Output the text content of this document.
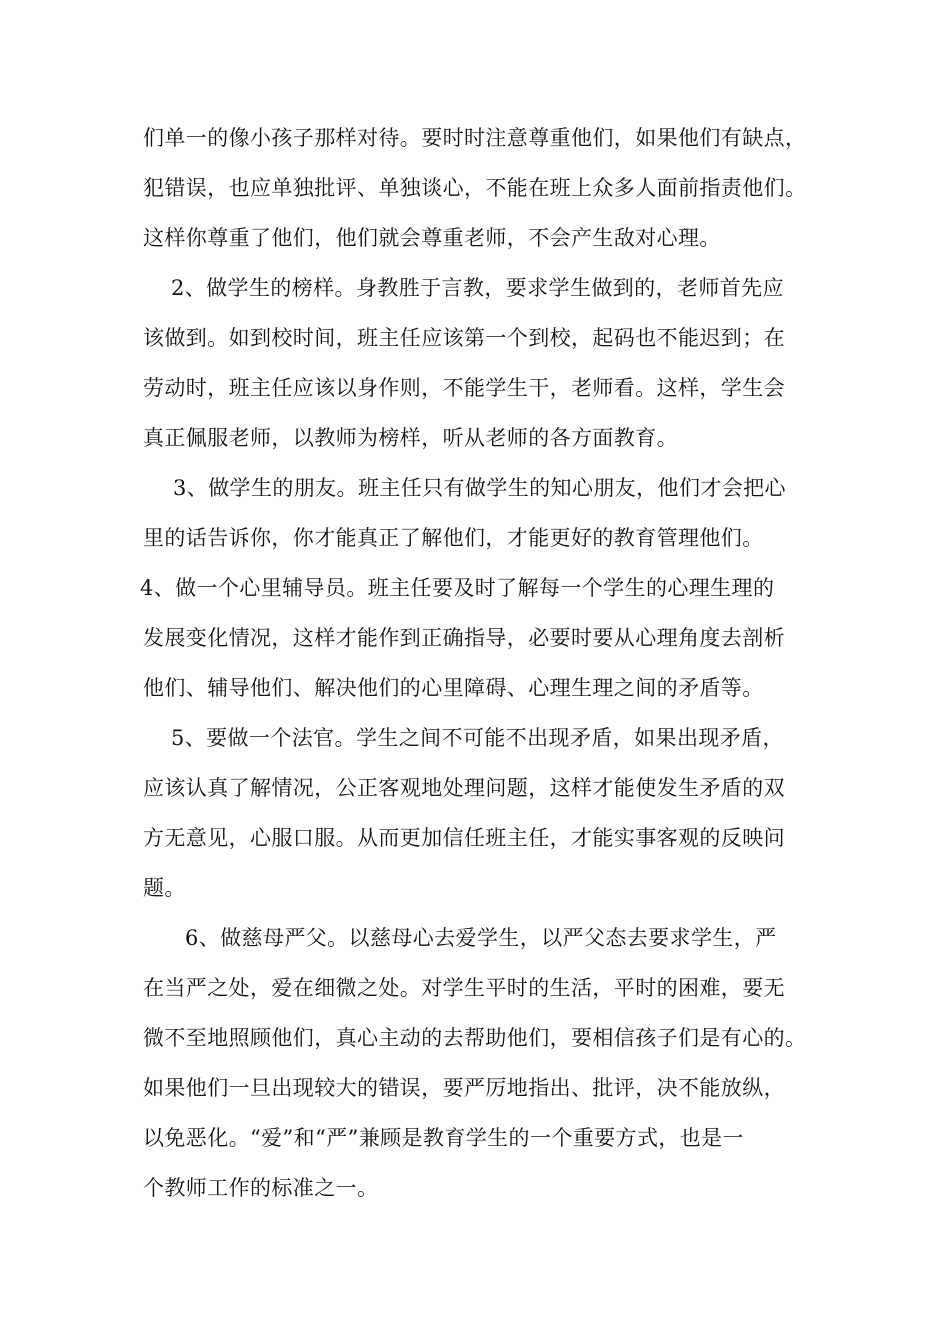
们单一的像小孩子那样对待。要时时注意尊重他们，如果他们有缺点，
犯错误，也应单独批评、单独谈心，不能在班上众多人面前指责他们。
这样你尊重了他们，他们就会尊重老师，不会产生敌对心理。
2、做学生的榜样。身教胜于言教，要求学生做到的，老师首先应
该做到。如到校时间，班主任应该第一个到校，起码也不能迟到；在
劳动时，班主任应该以身作则，不能学生干，老师看。这样，学生会
真正佩服老师，以教师为榜样，听从老师的各方面教育。
3、做学生的朋友。班主任只有做学生的知心朋友，他们才会把心
里的话告诉你，你才能真正了解他们，才能更好的教育管理他们。
4、做一个心里辅导员。班主任要及时了解每一个学生的心理生理的
发展变化情况，这样才能作到正确指导，必要时要从心理角度去剖析
他们、辅导他们、解决他们的心里障碍、心理生理之间的矛盾等。
5、要做一个法官。学生之间不可能不出现矛盾，如果出现矛盾，
应该认真了解情况，公正客观地处理问题，这样才能使发生矛盾的双
方无意见，心服口服。从而更加信任班主任，才能实事客观的反映问
题。
6、做慈母严父。以慈母心去爱学生，以严父态去要求学生，严
在当严之处，爱在细微之处。对学生平时的生活，平时的困难，要无
微不至地照顾他们，真心主动的去帮助他们，要相信孩子们是有心的。
如果他们一旦出现较大的错误，要严厉地指出、批评，决不能放纵，
以免恶化。“爱”和“严”兼顾是教育学生的一个重要方式，也是一
个教师工作的标准之一。
